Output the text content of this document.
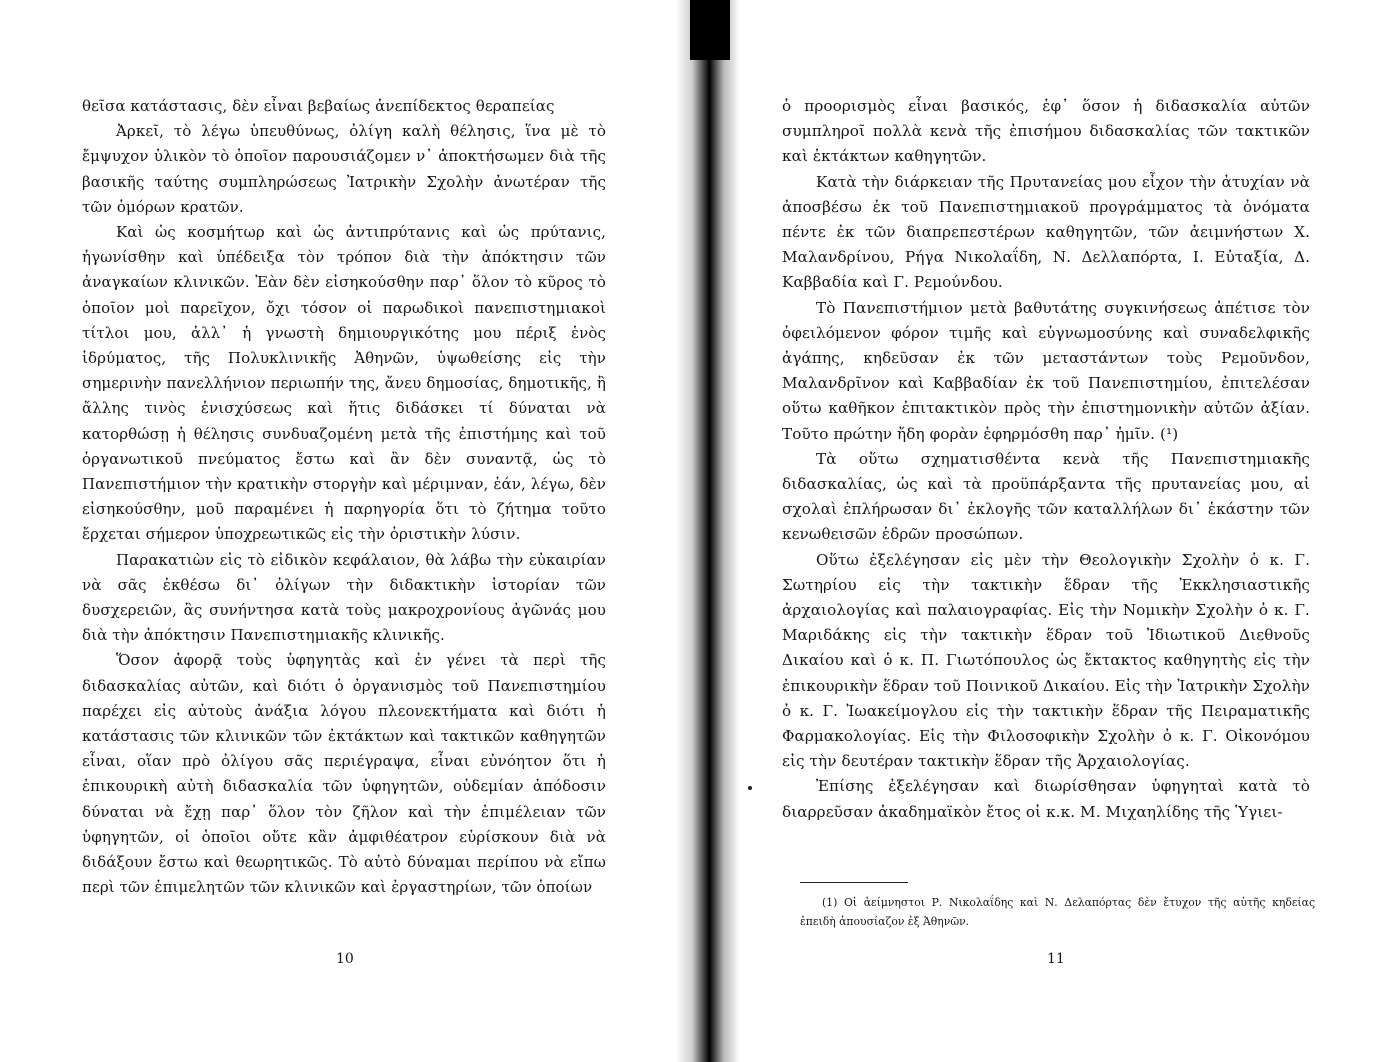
θεῖσα κατάστασις, δὲν εἶναι βεβαίως ἀνεπίδεκτος θεραπείας

Ἀρκεῖ, τὸ λέγω ὑπευθύνως, ὀλίγη καλὴ θέλησις, ἵνα μὲ τὸ ἔμψυχον ὑλικὸν τὸ ὁποῖον παρουσιάζομεν ν᾿ ἀποκτήσωμεν διὰ τῆς βασικῆς ταύτης συμπληρώσεως Ἰατρικὴν Σχολὴν ἀνωτέραν τῆς τῶν ὁμόρων κρατῶν.

Καὶ ὡς κοσμήτωρ καὶ ὡς ἀντιπρύτανις καὶ ὡς πρύτανις, ἠγωνίσθην καὶ ὑπέδειξα τὸν τρόπον διὰ τὴν ἀπόκτησιν τῶν ἀναγκαίων κλινικῶν. Ἐὰν δὲν εἰσηκούσθην παρ᾿ ὅλον τὸ κῦρος τὸ ὁποῖον μοὶ παρεῖχον, ὄχι τόσον οἱ παρωδικοὶ πανεπιστημιακοὶ τίτλοι μου, ἀλλ᾿ ἡ γνωστὴ δημιουργικότης μου πέριξ ἑνὸς ἱδρύματος, τῆς Πολυκλινικῆς Ἀθηνῶν, ὑψωθείσης εἰς τὴν σημερινὴν πανελλήνιον περιωπήν της, ἄνευ δημοσίας, δημοτικῆς, ἢ ἄλλης τινὸς ἐνισχύσεως καὶ ἥτις διδάσκει τί δύναται νὰ κατορθώσῃ ἡ θέλησις συνδυαζομένη μετὰ τῆς ἐπιστήμης καὶ τοῦ ὀργανωτικοῦ πνεύματος ἔστω καὶ ἂν δὲν συναντᾷ, ὡς τὸ Πανεπιστήμιον τὴν κρατικὴν στοργὴν καὶ μέριμναν, ἐάν, λέγω, δὲν εἰσηκούσθην, μοῦ παραμένει ἡ παρηγορία ὅτι τὸ ζήτημα τοῦτο ἔρχεται σήμερον ὑποχρεωτικῶς εἰς τὴν ὁριστικὴν λύσιν.

Παρακατιὼν εἰς τὸ εἰδικὸν κεφάλαιον, θὰ λάβω τὴν εὐκαιρίαν νὰ σᾶς ἐκθέσω δι᾿ ὀλίγων τὴν διδακτικὴν ἱστορίαν τῶν δυσχερειῶν, ἃς συνήντησα κατὰ τοὺς μακροχρονίους ἀγῶνάς μου διὰ τὴν ἀπόκτησιν Πανεπιστημιακῆς κλινικῆς.

Ὅσον ἀφορᾷ τοὺς ὑφηγητὰς καὶ ἐν γένει τὰ περὶ τῆς διδασκαλίας αὐτῶν, καὶ διότι ὁ ὀργανισμὸς τοῦ Πανεπιστημίου παρέχει εἰς αὐτοὺς ἀνάξια λόγου πλεονεκτήματα καὶ διότι ἡ κατάστασις τῶν κλινικῶν τῶν ἐκτάκτων καὶ τακτικῶν καθηγητῶν εἶναι, οἵαν πρὸ ὀλίγου σᾶς περιέγραψα, εἶναι εὐνόητον ὅτι ἡ ἐπικουρικὴ αὐτὴ διδασκαλία τῶν ὑφηγητῶν, οὐδεμίαν ἀπόδοσιν δύναται νὰ ἔχῃ παρ᾿ ὅλον τὸν ζῆλον καὶ τὴν ἐπιμέλειαν τῶν ὑφηγητῶν, οἱ ὁποῖοι οὔτε κἂν ἀμφιθέατρον εὑρίσκουν διὰ νὰ διδάξουν ἔστω καὶ θεωρητικῶς. Τὸ αὐτὸ δύναμαι περίπου νὰ εἴπω περὶ τῶν ἐπιμελητῶν τῶν κλινικῶν καὶ ἐργαστηρίων, τῶν ὁποίων

10

ὁ προορισμὸς εἶναι βασικός, ἐφ᾿ ὅσον ἡ διδασκαλία αὐτῶν συμπληροῖ πολλὰ κενὰ τῆς ἐπισήμου διδασκαλίας τῶν τακτικῶν καὶ ἐκτάκτων καθηγητῶν.

Κατὰ τὴν διάρκειαν τῆς Πρυτανείας μου εἶχον τὴν ἀτυχίαν νὰ ἀποσβέσω ἐκ τοῦ Πανεπιστημιακοῦ προγράμματος τὰ ὀνόματα πέντε ἐκ τῶν διαπρεπεστέρων καθηγητῶν, τῶν ἀειμνήστων Χ. Μαλανδρίνου, Ρήγα Νικολαΐδη, Ν. Δελλαπόρτα, Ι. Εὐταξία, Δ. Καββαδία καὶ Γ. Ρεμούνδου.

Τὸ Πανεπιστήμιον μετὰ βαθυτάτης συγκινήσεως ἀπέτισε τὸν ὀφειλόμενον φόρον τιμῆς καὶ εὐγνωμοσύνης καὶ συναδελφικῆς ἀγάπης, κηδεῦσαν ἐκ τῶν μεταστάντων τοὺς Ρεμοῦνδον, Μαλανδρῖνον καὶ Καββαδίαν ἐκ τοῦ Πανεπιστημίου, ἐπιτελέσαν οὕτω καθῆκον ἐπιτακτικὸν πρὸς τὴν ἐπιστημονικὴν αὐτῶν ἀξίαν. Τοῦτο πρώτην ἤδη φορὰν ἐφηρμόσθη παρ᾿ ἡμῖν. (¹)

Τὰ οὕτω σχηματισθέντα κενὰ τῆς Πανεπιστημιακῆς διδασκαλίας, ὡς καὶ τὰ προϋπάρξαντα τῆς πρυτανείας μου, αἱ σχολαὶ ἐπλήρωσαν δι᾿ ἐκλογῆς τῶν καταλλήλων δι᾿ ἑκάστην τῶν κενωθεισῶν ἑδρῶν προσώπων.

Οὕτω ἐξελέγησαν εἰς μὲν τὴν Θεολογικὴν Σχολὴν ὁ κ. Γ. Σωτηρίου εἰς τὴν τακτικὴν ἕδραν τῆς Ἐκκλησιαστικῆς ἀρχαιολογίας καὶ παλαιογραφίας. Εἰς τὴν Νομικὴν Σχολὴν ὁ κ. Γ. Μαριδάκης εἰς τὴν τακτικὴν ἕδραν τοῦ Ἰδιωτικοῦ Διεθνοῦς Δικαίου καὶ ὁ κ. Π. Γιωτόπουλος ὡς ἔκτακτος καθηγητὴς εἰς τὴν ἐπικουρικὴν ἕδραν τοῦ Ποινικοῦ Δικαίου. Εἰς τὴν Ἰατρικὴν Σχολὴν ὁ κ. Γ. Ἰωακείμογλου εἰς τὴν τακτικὴν ἕδραν τῆς Πειραματικῆς Φαρμακολογίας. Εἰς τὴν Φιλοσοφικὴν Σχολὴν ὁ κ. Γ. Οἰκονόμου εἰς τὴν δευτέραν τακτικὴν ἕδραν τῆς Ἀρχαιολογίας.

Ἐπίσης ἐξελέγησαν καὶ διωρίσθησαν ὑφηγηταὶ κατὰ τὸ διαρρεῦσαν ἀκαδημαϊκὸν ἔτος οἱ κ.κ. Μ. Μιχαηλίδης τῆς Ὑγιει-

(1) Οἱ ἀείμνηστοι Ρ. Νικολαΐδης καὶ Ν. Δελαπόρτας δὲν ἔτυχον τῆς αὐτῆς κηδείας ἐπειδὴ ἀπουσίαζον ἐξ Ἀθηνῶν.
11
